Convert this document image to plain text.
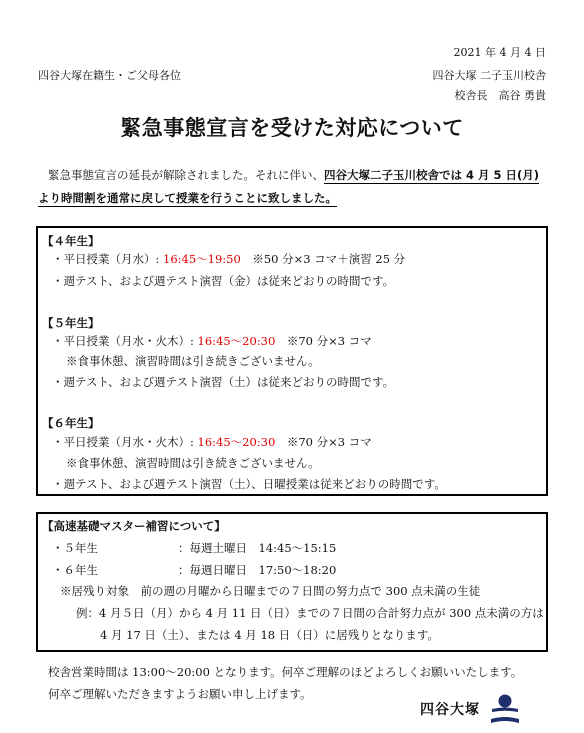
2021 年 4 月 4 日
四谷大塚在籍生・ご父母各位	四谷大塚 二子玉川校舎
校舎長　高谷 勇貴
緊急事態宣言を受けた対応について
緊急事態宣言の延長が解除されました。それに伴い、四谷大塚二子玉川校舎では 4 月 5 日(月)
より時間割を通常に戻して授業を行うことに致しました。
【４年生】
・平日授業（月水）: 16:45～19:50　※50 分×3 コマ＋演習 25 分
・週テスト、および週テスト演習（金）は従来どおりの時間です。
【５年生】
・平日授業（月水・火木）: 16:45～20:30　※70 分×3 コマ
※食事休憩、演習時間は引き続きございません。
・週テスト、および週テスト演習（土）は従来どおりの時間です。
【６年生】
・平日授業（月水・火木）: 16:45～20:30　※70 分×3 コマ
※食事休憩、演習時間は引き続きございません。
・週テスト、および週テスト演習（土）、日曜授業は従来どおりの時間です。
【高速基礎マスター補習について】
・５年生	：毎週土曜日　14:45～15:15
・６年生	：毎週日曜日　17:50～18:20
※居残り対象　前の週の月曜から日曜までの７日間の努力点で 300 点未満の生徒
例：4 月５日（月）から 4 月 11 日（日）までの７日間の合計努力点が 300 点未満の方は
4 月 17 日（土）、または 4 月 18 日（日）に居残りとなります。
校舎営業時間は 13:00～20:00 となります。何卒ご理解のほどよろしくお願いいたします。
何卒ご理解いただきますようお願い申し上げます。
四谷大塚
